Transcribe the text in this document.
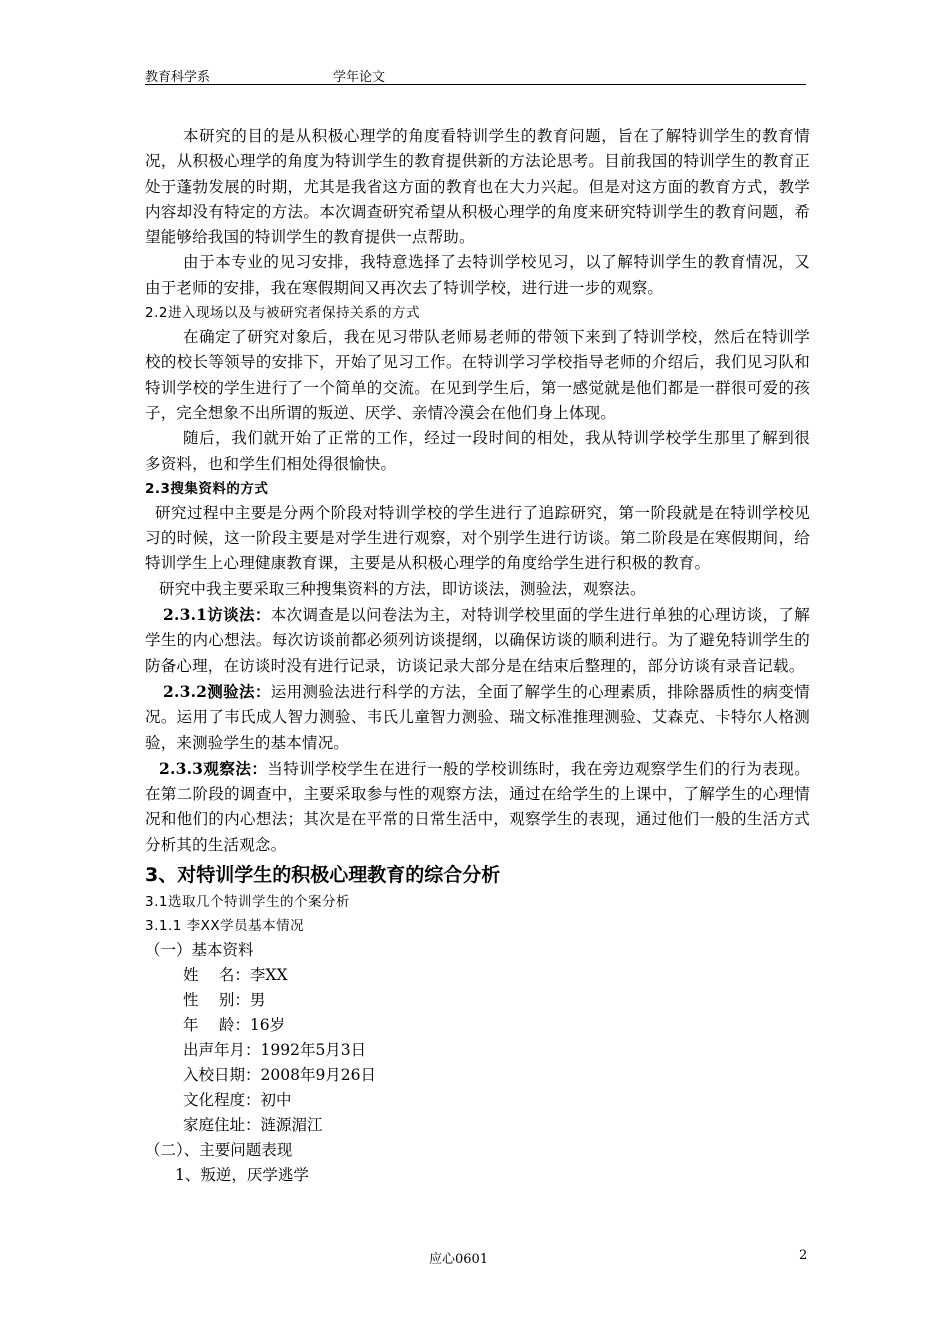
教育科学系	学年论文

本研究的目的是从积极心理学的角度看特训学生的教育问题，旨在了解特训学生的教育情况，从积极心理学的角度为特训学生的教育提供新的方法论思考。目前我国的特训学生的教育正处于蓬勃发展的时期，尤其是我省这方面的教育也在大力兴起。但是对这方面的教育方式，教学内容却没有特定的方法。本次调查研究希望从积极心理学的角度来研究特训学生的教育问题，希望能够给我国的特训学生的教育提供一点帮助。

由于本专业的见习安排，我特意选择了去特训学校见习，以了解特训学生的教育情况，又由于老师的安排，我在寒假期间又再次去了特训学校，进行进一步的观察。

2.2进入现场以及与被研究者保持关系的方式

在确定了研究对象后，我在见习带队老师易老师的带领下来到了特训学校，然后在特训学校的校长等领导的安排下，开始了见习工作。在特训学习学校指导老师的介绍后，我们见习队和特训学校的学生进行了一个简单的交流。在见到学生后，第一感觉就是他们都是一群很可爱的孩子，完全想象不出所谓的叛逆、厌学、亲情冷漠会在他们身上体现。

随后，我们就开始了正常的工作，经过一段时间的相处，我从特训学校学生那里了解到很多资料，也和学生们相处得很愉快。

2.3搜集资料的方式

研究过程中主要是分两个阶段对特训学校的学生进行了追踪研究，第一阶段就是在特训学校见习的时候，这一阶段主要是对学生进行观察，对个别学生进行访谈。第二阶段是在寒假期间，给特训学生上心理健康教育课，主要是从积极心理学的角度给学生进行积极的教育。

研究中我主要采取三种搜集资料的方法，即访谈法，测验法，观察法。

2.3.1访谈法：本次调查是以问卷法为主，对特训学校里面的学生进行单独的心理访谈，了解学生的内心想法。每次访谈前都必须列访谈提纲，以确保访谈的顺利进行。为了避免特训学生的防备心理，在访谈时没有进行记录，访谈记录大部分是在结束后整理的，部分访谈有录音记载。

2.3.2测验法：运用测验法进行科学的方法，全面了解学生的心理素质，排除器质性的病变情况。运用了韦氏成人智力测验、韦氏儿童智力测验、瑞文标准推理测验、艾森克、卡特尔人格测验，来测验学生的基本情况。

2.3.3观察法：当特训学校学生在进行一般的学校训练时，我在旁边观察学生们的行为表现。在第二阶段的调查中，主要采取参与性的观察方法，通过在给学生的上课中，了解学生的心理情况和他们的内心想法；其次是在平常的日常生活中，观察学生的表现，通过他们一般的生活方式分析其的生活观念。

3、对特训学生的积极心理教育的综合分析

3.1选取几个特训学生的个案分析

3.1.1 李XX学员基本情况

（一）基本资料

姓　 名：李XX

性　 别：男

年　 龄：16岁

出声年月：1992年5月3日

入校日期：2008年9月26日

文化程度：初中

家庭住址：涟源湄江

（二）、主要问题表现

1、叛逆，厌学逃学

应心0601	2
